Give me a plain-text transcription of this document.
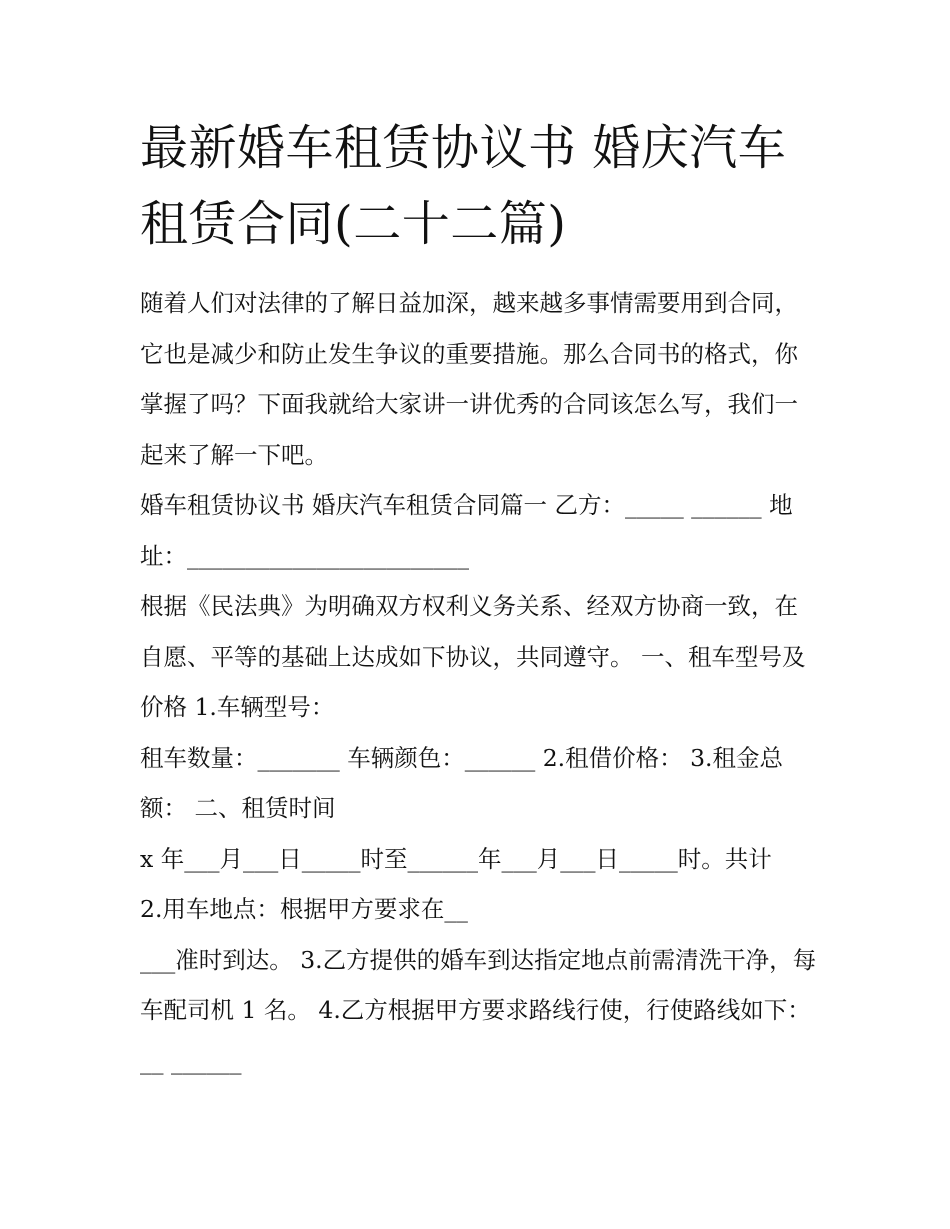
最新婚车租赁协议书 婚庆汽车租赁合同(二十二篇)

随着人们对法律的了解日益加深，越来越多事情需要用到合同，它也是减少和防止发生争议的重要措施。那么合同书的格式，你掌握了吗？下面我就给大家讲一讲优秀的合同该怎么写，我们一起来了解一下吧。

婚车租赁协议书 婚庆汽车租赁合同篇一 乙方：_____ ______ 地址：________________________

根据《民法典》为明确双方权利义务关系、经双方协商一致，在自愿、平等的基础上达成如下协议，共同遵守。 一、租车型号及价格 1.车辆型号：

租车数量：_______ 车辆颜色：______ 2.租借价格： 3.租金总额： 二、租赁时间

x 年___月___日_____时至______年___月___日_____时。共计

2.用车地点：根据甲方要求在__

___准时到达。 3.乙方提供的婚车到达指定地点前需清洗干净，每车配司机 1 名。 4.乙方根据甲方要求路线行使，行使路线如下：__ ______
